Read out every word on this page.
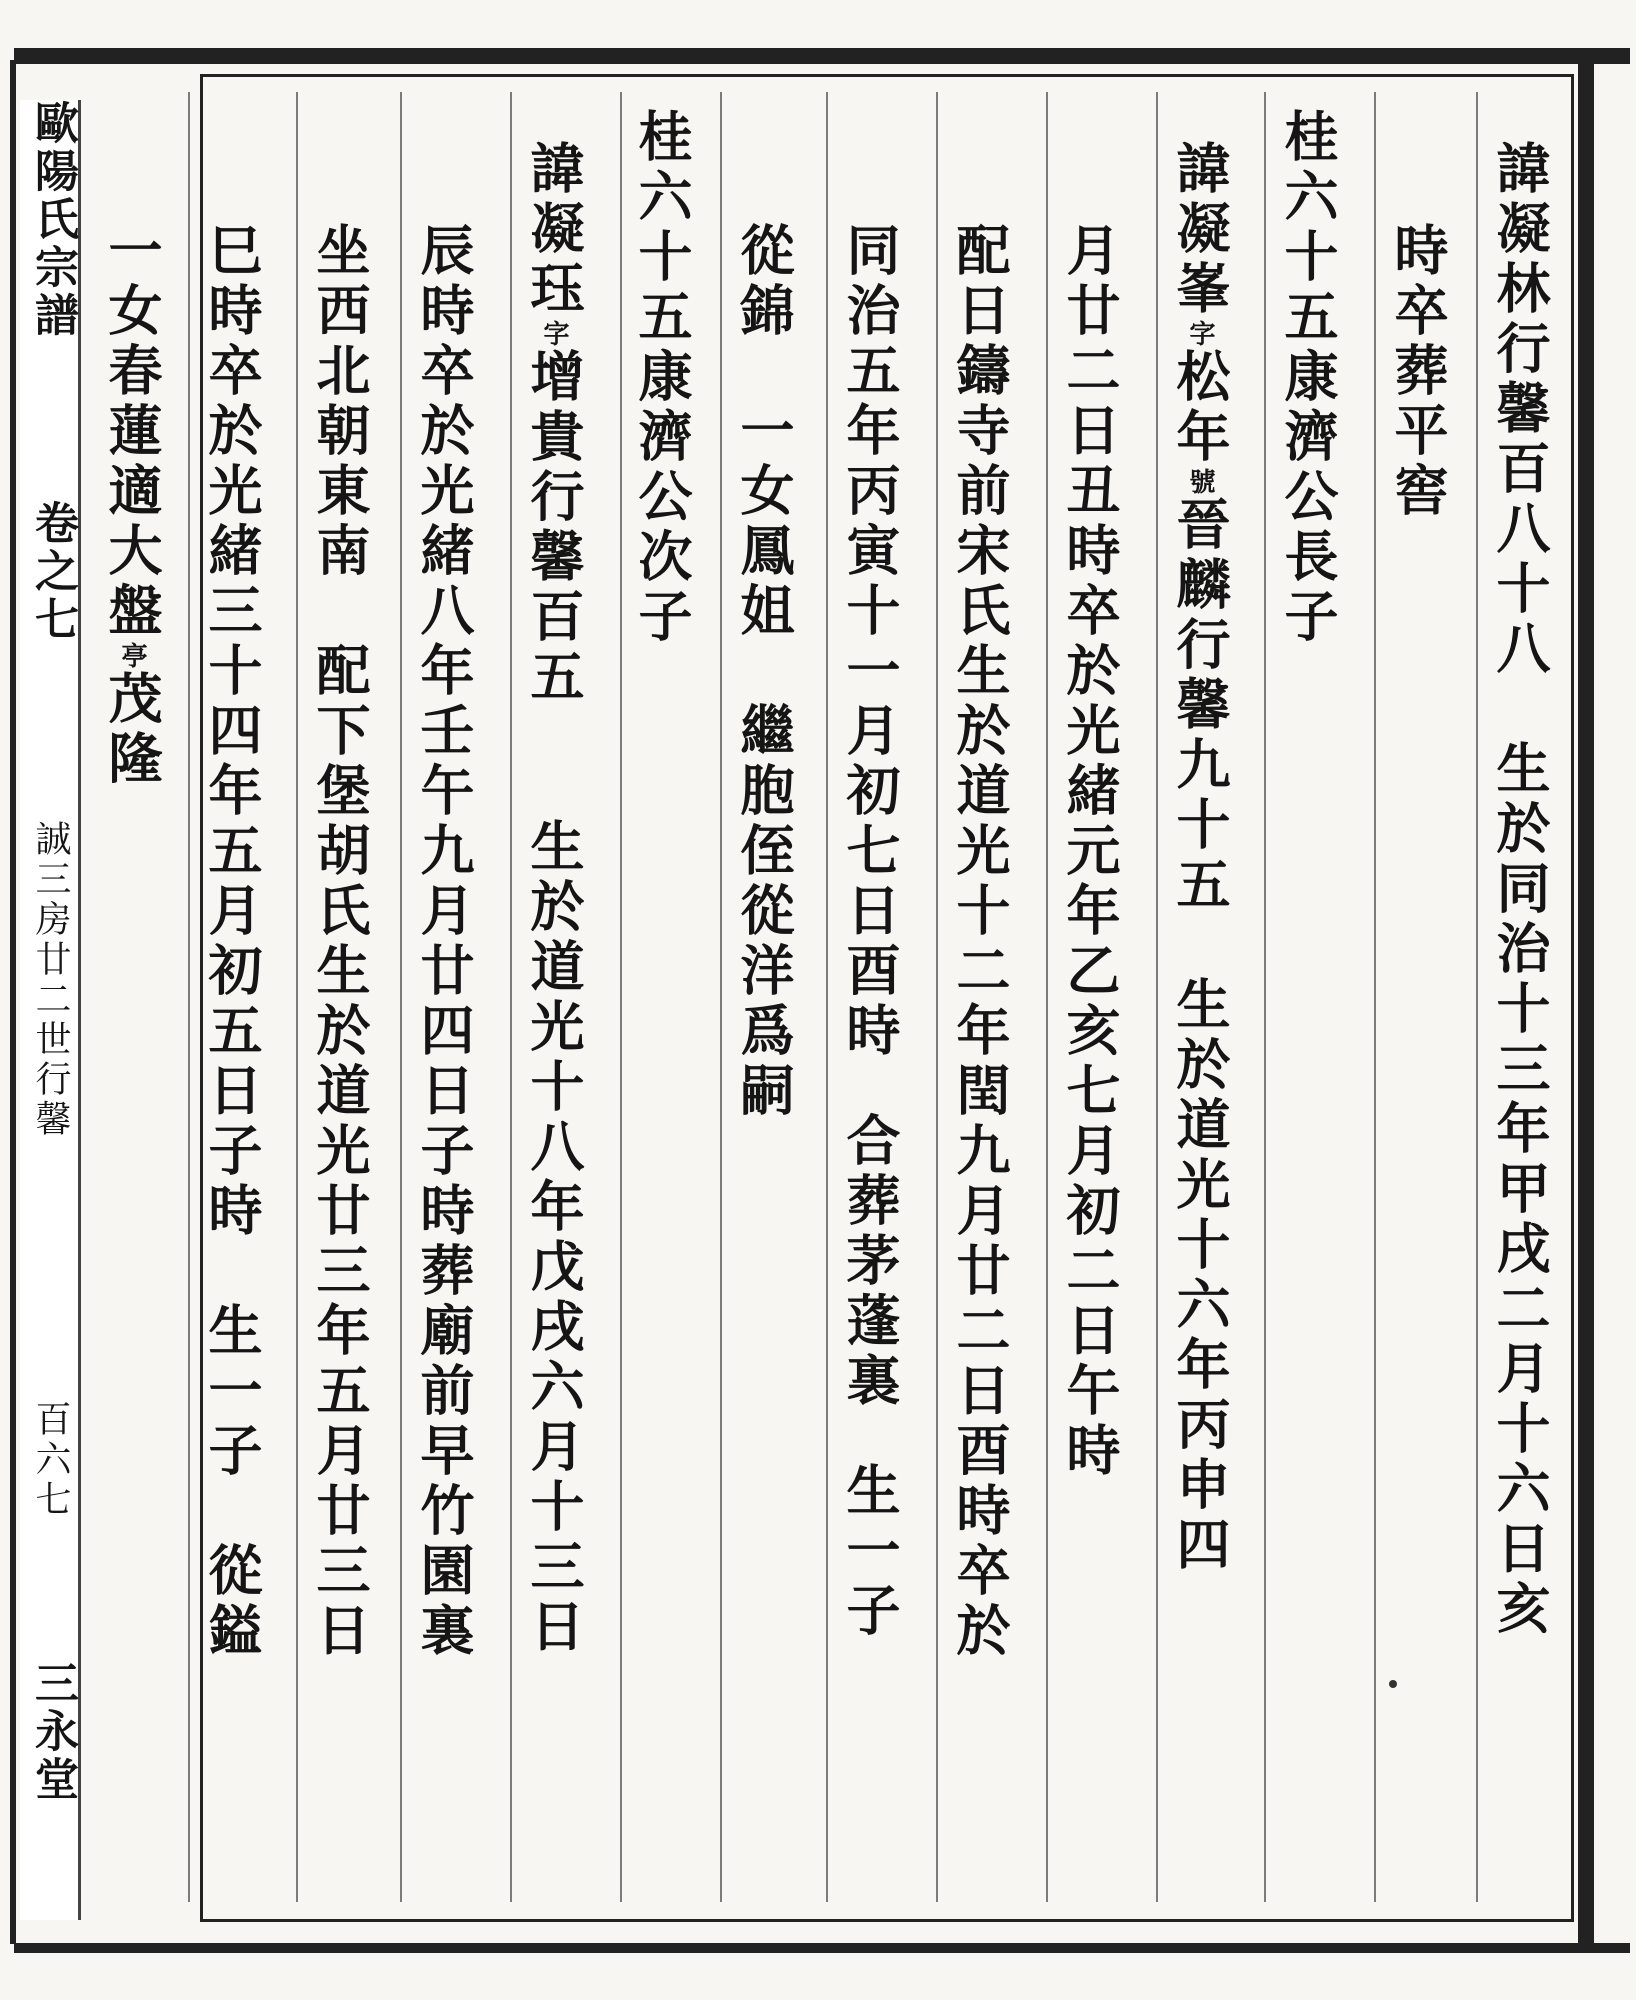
歐陽氏宗譜
卷之七
誠三房廿二世行馨
百六七
三永堂
諱凝林行馨百八十八生於同治十三年甲戌二月十六日亥
時卒葬平窖
桂六十五康濟公長子
諱凝峯字松年號晉麟行馨九十五生於道光十六年丙申四
月廿二日丑時卒於光緒元年乙亥七月初二日午時
配日鑄寺前宋氏生於道光十二年閏九月廿二日酉時卒於
同治五年丙寅十一月初七日酉時合葬茅蓬裏生一子
從錦一女鳳姐繼胞侄從洋爲嗣
桂六十五康濟公次子
諱凝珏字增貴行馨百五生於道光十八年戊戌六月十三日
辰時卒於光緒八年壬午九月廿四日子時葬廟前早竹園裏
坐西北朝東南配下堡胡氏生於道光廿三年五月廿三日
巳時卒於光緒三十四年五月初五日子時生一子從鎰
一女春蓮適大盤亭茂隆
